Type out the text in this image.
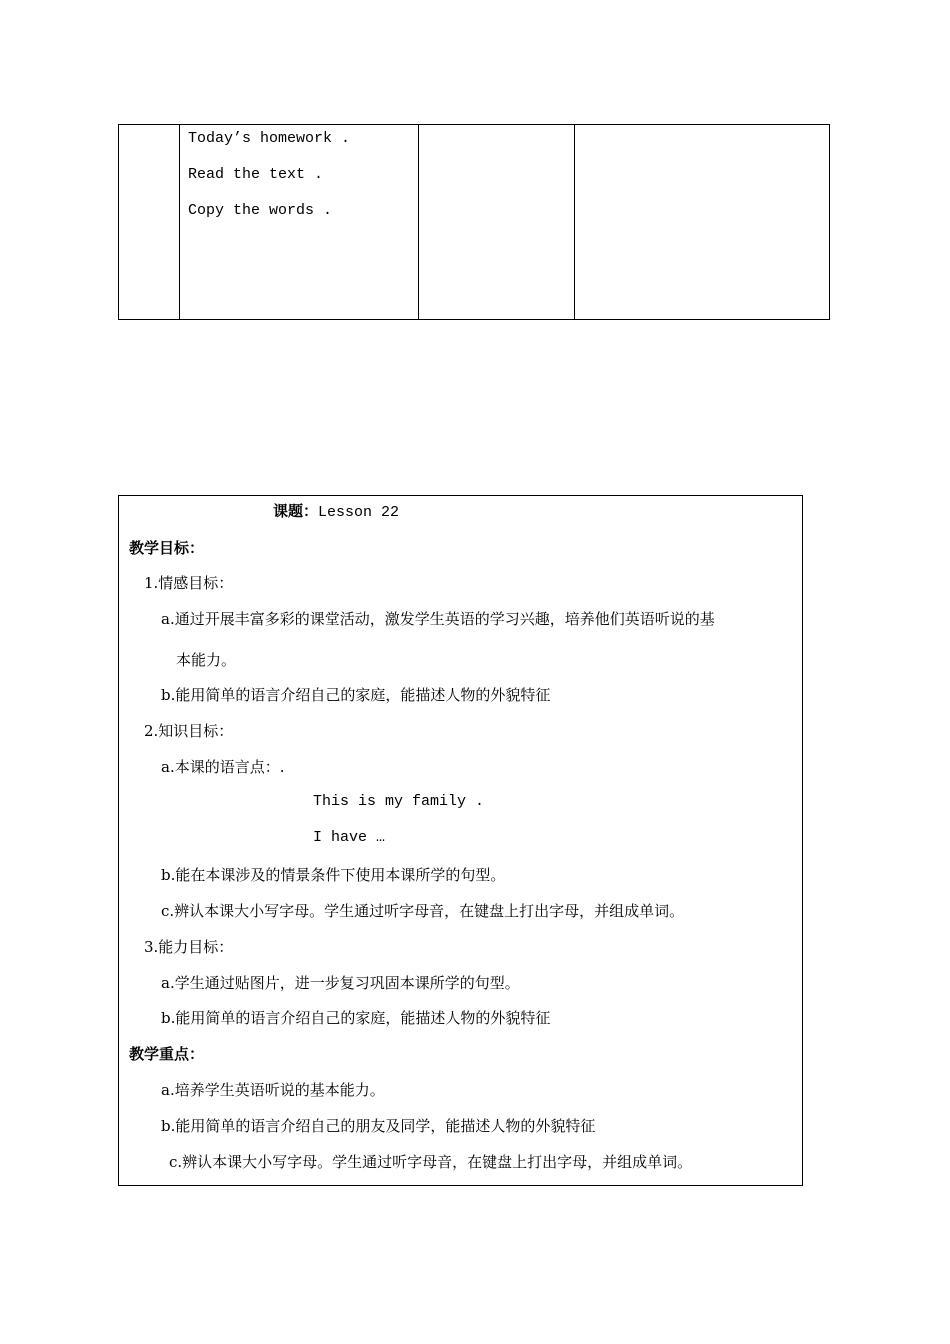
Today’s homework .
Read the text .
Copy the words .
课题：Lesson 22
教学目标：
1.情感目标：
a.通过开展丰富多彩的课堂活动，激发学生英语的学习兴趣，培养他们英语听说的基
本能力。
b.能用简单的语言介绍自己的家庭，能描述人物的外貌特征
2.知识目标：
a.本课的语言点：.
This is my family .
I have …
b.能在本课涉及的情景条件下使用本课所学的句型。
c.辨认本课大小写字母。学生通过听字母音，在键盘上打出字母，并组成单词。
3.能力目标：
a.学生通过贴图片，进一步复习巩固本课所学的句型。
b.能用简单的语言介绍自己的家庭，能描述人物的外貌特征
教学重点：
a.培养学生英语听说的基本能力。
b.能用简单的语言介绍自己的朋友及同学，能描述人物的外貌特征
c.辨认本课大小写字母。学生通过听字母音，在键盘上打出字母，并组成单词。
